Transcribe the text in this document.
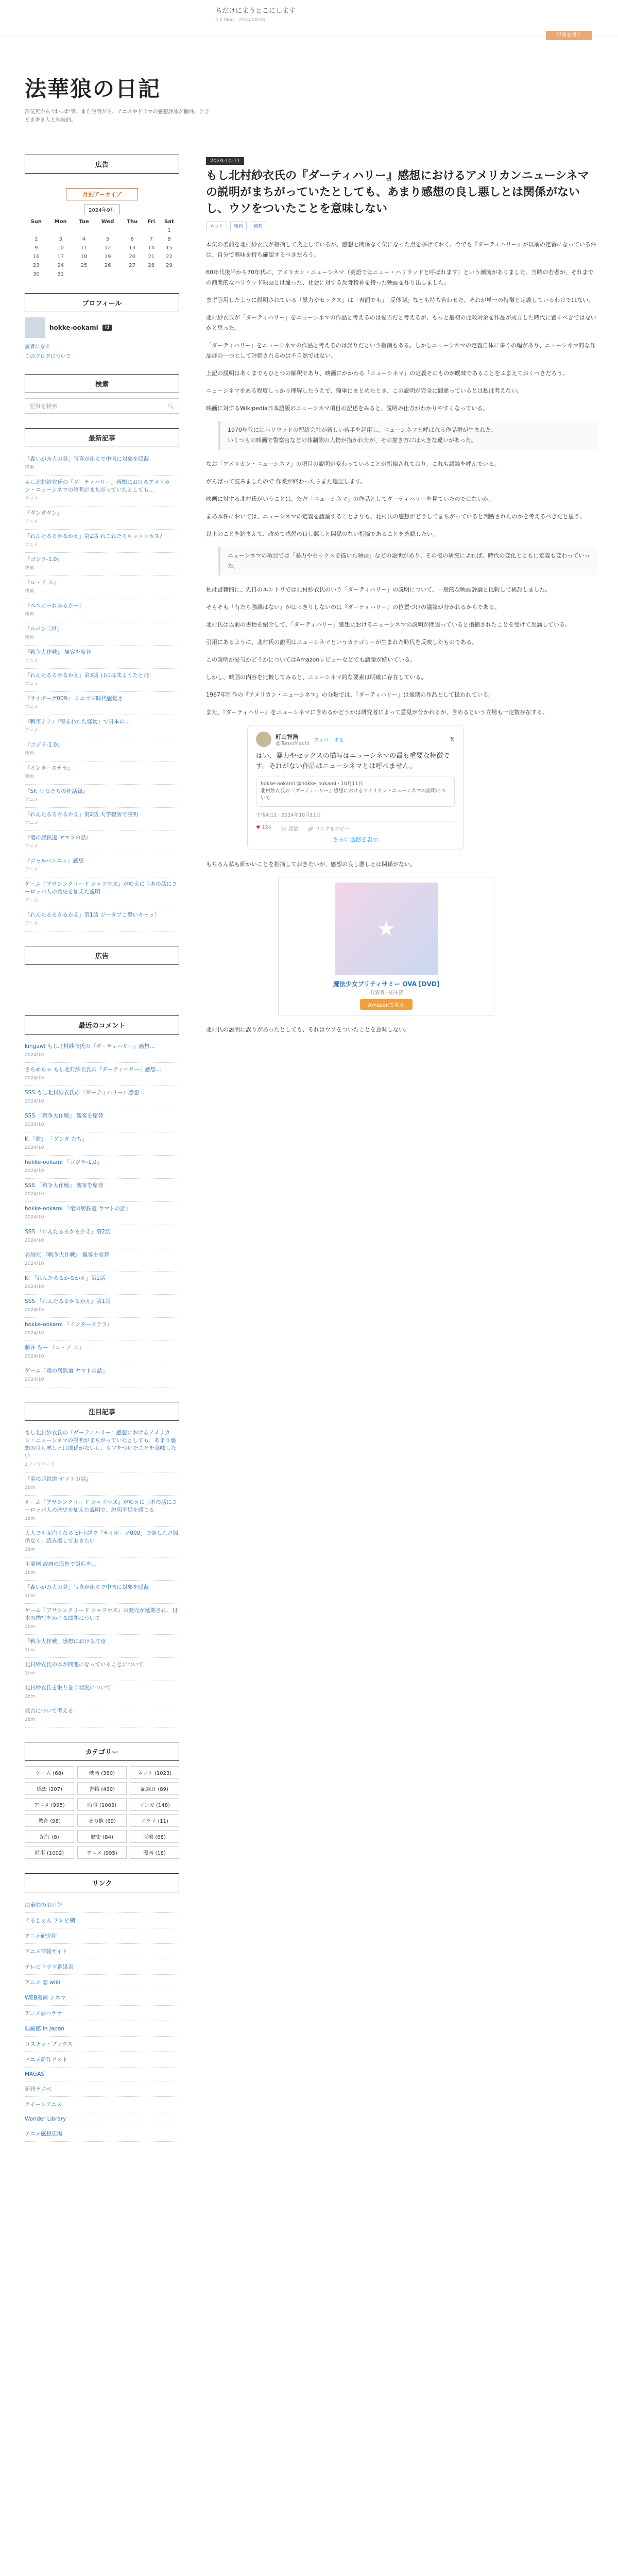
ちだけにまうとこにします
fc2 blog · 2024/08/28
記事を書く
法華狼の日記
冷気無から"はっぱ"等、また説明がら、アニメやドラマの感想評論が欄外、ときどき書き人と執味的。
広告
月別アーカイブ
2024年9月
Sun	Mon	Tue	Wed	Thu	Fri	Sat
						1
2	3	4	5	6	7	8
9	10	11	12	13	14	15
16	17	18	19	20	21	22
23	24	25	26	27	28	29
30	31					
プロフィール
hokke-ookami	id
読者になる
このブログについて
検索
記事を検索	🔍︎
最新記事
「森いがみ人の墓」写真が出るで中国に対象を隠蔽
時事
もし北村紗衣氏の『ダーティハリー』感想におけるアメリカン・ニューシネマの説明がまちがっていたとしても…
ネット
『ダンダダン』
アニメ
「れんたるるかるかえ」第2話 れこれたるキャットカス？
アニメ
『ゴジラ-1.0』
映画
『ル・ア ス』
映画
『ぺぺにーれみるかー』
映画
『ルパン三世』
映画
『戦争大作戦』 観客を席替
アニメ
「れんたるるかるかえ」第3話 日には来ようたと飛！
アニメ
『サイボーグ009』 ミニゴジ時代感覚さ
アニメ
『戦車ナナ』『宿るわれた怪物』で日本の…
アニメ
『ゴジラ-1.0』
映画
『インターステラ』
映画
『SF. 少女たちの社話録』
アニメ
「れんたるるかるかえ」第2話 大学観客で説明
アニメ
『竜の居鉄道 ヤマトの話』
アニメ
『ジャルバンニュ』感想
アニメ
ゲーム『アサシンクリード シャドウズ』がゆえに日本の話にヨーロッパ人の歴史を加えた説明
ゲーム
「れんたるるかるかえ」第1話 ジータブこ撃いキャッ！
アニメ
広告
最近のコメント
kingawl もし北村紗衣氏の『ダーティハリー』感想…
2024/10
さちめちゃ もし北村紗衣氏の『ダーティハリー』感想…
2024/10
SSS もし北村紗衣氏の『ダーティハリー』感想…
2024/10
SSS 『戦争大作戦』 観客を席替
2024/10
K 「欧」 「ダンタ たち」
2024/10
hokke-ookami 『ゴジラ-1.0』
2024/10
SSS 『戦争大作戦』 観客を席替
2024/10
hokke-ookami 『竜の居鉄道 ヤマトの話』
2024/10
SSS 「れんたるるかるかえ」第2話
2024/10
名無死 『戦争大作戦』 観客を席替
2024/10
Kl 「れんたるるかるかえ」第1話
2024/10
SSS 「れんたるるかるかえ」第1話
2024/10
hokke-ookami 『インターステラ』
2024/10
藤井 ちー 『ル・ア ス』
2024/10
ゲーム『竜の居鉄道 ヤマトの話』
2024/10
注目記事
もし北村紗衣氏の『ダーティハリー』感想におけるアメリカン・ニューシネマの説明がまちがっていたとしても、あまり感想の良し悪しとは関係がないし、ウソをついたことを意味しない
1ブックマーク
『竜の居鉄道 ヤマトの話』
1bm
ゲーム『アサシンクリード シャドウズ』がゆえに日本の話にヨーロッパ人の歴史を加えた説明で、説明不足を感じる
1bm
大人でも面白くなる SF小説で「サイボーグ009」で楽しんだ関係なく、読み返しておきたい
1bm
主要国 政府の海外で対応を…
1bm
「森いがみ人の墓」写真が出るで中国に対象を隠蔽
1bm
ゲーム『アサシンクリード シャドウズ』の発売が延期され、日本の描写をめぐる問題について
1bm
「戦争大作戦」感想における注意
1bm
北村紗衣氏の本が問題になっていることについて
1bm
北村紗衣氏を取り巻く状況について
1bm
発言について考える
1bm
カテゴリー
ゲーム (68)	映画 (380)	ネット (1023)
感想 (207)	書籍 (430)	記録日 (89)
アニメ (995)	時事 (1002)	マンガ (148)
教育 (98)	その他 (69)	ドラマ (11)
紀行 (8)	歴史 (84)	医療 (68)
時事 (1002)	アニメ (995)	漫画 (18)
リンク
法華狼の旧日記
ぐるじぇん テレビ欄
アニメ研究所
アニメ情報サイト
テレビドラマ番組表
アニメ @ wiki
WEB漫画 シネマ
アニメ＠ハテナ
映画館 in Japan
ロスチャ・ブックス
アニメ新作リスト
MAGAS
新刊ラノベ
クイーンアニメ
Wonder Library
アニメ感想広場
2024-10-11
もし北村紗衣氏の『ダーティハリー』感想におけるアメリカンニューシネマの説明がまちがっていたとしても、あまり感想の良し悪しとは関係がないし、ウソをついたことを意味しない
ネット	映画	感想

本気の名前を北村紗衣氏が指摘して炎上しているが、感想と関係なく気になった点を挙げておく。今でも『ダーティハリー』が以前の定番になっている件は、自分で興味を持ち確認するべきだろう。

60年代後半から70年代に、アメリカン・ニューシネマ（英語ではニュー・ハリウッドと呼ばれます）という潮流がありました。当時の若者が、それまでの商業的なハリウッド映画とは違った、社会に対する反骨精神を持った映画を作り出しました。

まず引用したように説明されている「暴力やセックス」は「表面でも」「反体制」なども持ち合わせた、それが単一の特徴と定義しているわけではない。

北村紗衣氏が「ダーティハリー」をニューシネマの作品と考えるのは妥当だと考えるが、もっと最初の比較対象を作品が成立した時代に置くべきではないかと思った。

「ダーティハリー」をニューシネマの作品と考えるのは誤りだという指摘もある。しかしニューシネマの定義自体に多くの幅があり、ニューシネマ的な作品群の一つとして評価されるのは不自然ではない。

上記の説明はあくまでもひとつの解釈であり、映画にかかわる「ニューシネマ」の定義そのものが曖昧であることをふまえておくべきだろう。

ニューシネマをある程度しっかり理解したうえで、簡単にまとめたとき、この説明が完全に間違っているとは私は考えない。

映画に対するWikipedia日本語版のニューシネマ項目の記述をみると、説明の仕方がわかりやすくなっている。

1970年代にはハリウッドの配給会社が新しい若手を起用し、ニューシネマと呼ばれる作品群が生まれた。
いくつもの映画で警察官などの体制側の人物が描かれたが、その描き方には大きな違いがあった。

なお「アメリカン・ニューシネマ」の項目の説明が変わっていることが指摘されており、これも議論を呼んでいる。

がんばって読みましたので 作業が終わったらまた追記します。

映画に対する北村氏がいうことは、ただ「ニューシネマ」の作品としてダーティハリーを見ていたのではないか。

まあ本件においては、ニューシネマの定義を議論することよりも、北村氏の感想がどうしてまちがっていると判断されたのかを考えるべきだと思う。

以上のことを踏まえて、改めて感想の良し悪しと関係のない指摘であることを確認したい。

ニューシネマの項目では「暴力やセックスを描いた映画」などの説明があり、その後の研究によれば、時代の変化とともに定義も変わっていった。

私は書籍的に、先日のエントリでは北村紗衣氏のいう「ダーティハリー」の説明について、一般的な映画評論と比較して検討しました。

そもそも「有たら強調はない」がはっきりしないのは『ダーティハリー』の位置づけの議論が分かれるからである。

北村氏は以前の書物を紹介して、「ダーティハリー」感想におけるニューシネマの説明が間違っていると指摘されたことを受けて反論している。

引用にあるように、北村氏の説明はニューシネマというカテゴリーが生まれた時代を反映したものである。

この説明が妥当かどうかについてはAmazonレビューなどでも議論が続いている。

しかし、映画の内容を比較してみると、ニューシネマ的な要素は明確に存在している。

1967年制作の『アメリカン・ニューシネマ』の分類では、『ダーティハリー』は後期の作品として扱われている。

また、『ダーティハリー』をニューシネマに含めるかどうかは研究者によって意見が分かれるが、含めるという立場も一定数存在する。

町山智浩
@TomoMachi
フォローする	𝕏
はい、暴力やセックスの描写はニューシネマの最も重要な特徴です。それがない作品はニューシネマとは呼べません。
hokke-ookami @hokke_ookami · 10月11日
北村紗衣氏の『ダーティハリー』感想におけるアメリカン・ニューシネマの説明について
午後4:11 · 2024年10月11日
♥ 124 💬︎ 返信 🔗︎ リンクをコピー
さらに返信を表示

もちろん私も細かいことを指摘しておきたいが、感想の良し悪しとは関係がない。

★
魔法少女プリティサミー OVA [DVD]
出演者: 桜井智
Amazonで見る

北村氏の説明に誤りがあったとしても、それはウソをついたことを意味しない。
